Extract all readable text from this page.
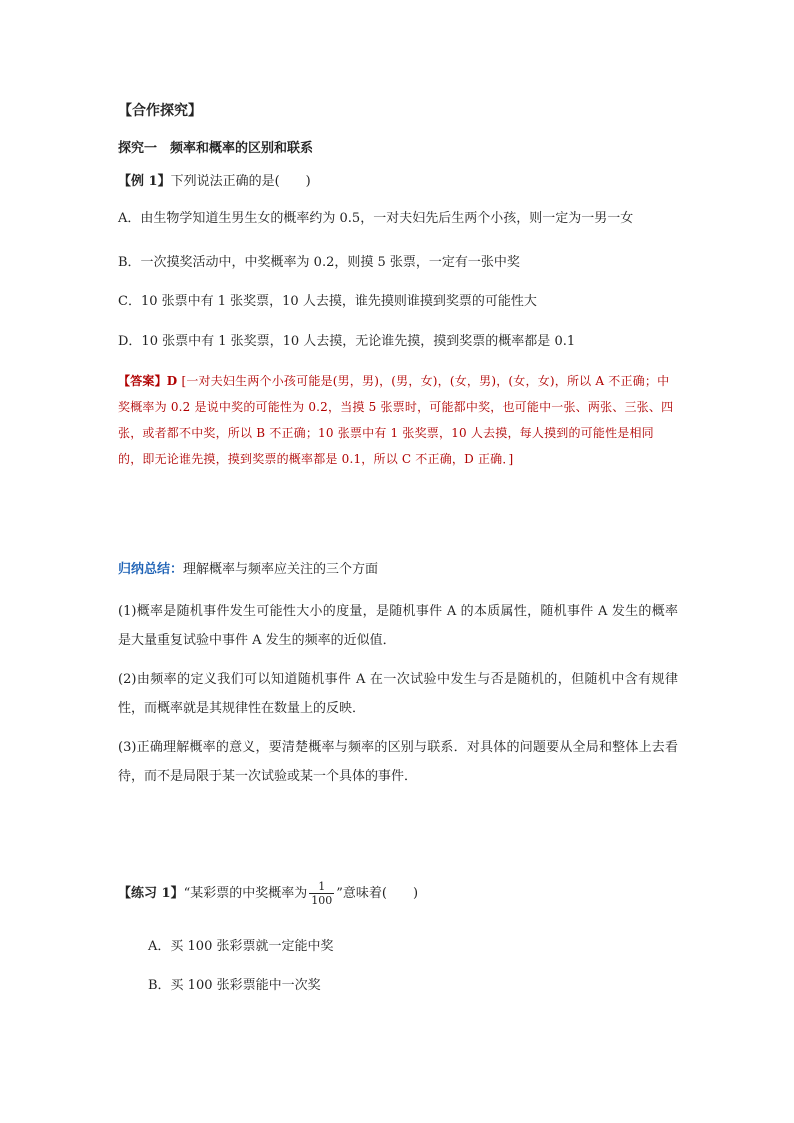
【合作探究】
探究一　频率和概率的区别和联系
【例 1】下列说法正确的是(　　)
A．由生物学知道生男生女的概率约为 0.5，一对夫妇先后生两个小孩，则一定为一男一女
B．一次摸奖活动中，中奖概率为 0.2，则摸 5 张票，一定有一张中奖
C．10 张票中有 1 张奖票，10 人去摸，谁先摸则谁摸到奖票的可能性大
D．10 张票中有 1 张奖票，10 人去摸，无论谁先摸，摸到奖票的概率都是 0.1
【答案】D [一对夫妇生两个小孩可能是(男，男)，(男，女)，(女，男)，(女，女)，所以 A 不正确；中奖概率为 0.2 是说中奖的可能性为 0.2，当摸 5 张票时，可能都中奖，也可能中一张、两张、三张、四张，或者都不中奖，所以 B 不正确；10 张票中有 1 张奖票，10 人去摸，每人摸到的可能性是相同的，即无论谁先摸，摸到奖票的概率都是 0.1，所以 C 不正确，D 正确．]
归纳总结：理解概率与频率应关注的三个方面
(1)概率是随机事件发生可能性大小的度量，是随机事件 A 的本质属性，随机事件 A 发生的概率是大量重复试验中事件 A 发生的频率的近似值．
(2)由频率的定义我们可以知道随机事件 A 在一次试验中发生与否是随机的，但随机中含有规律性，而概率就是其规律性在数量上的反映．
(3)正确理解概率的意义，要清楚概率与频率的区别与联系．对具体的问题要从全局和整体上去看待，而不是局限于某一次试验或某一个具体的事件．
【练习 1】“某彩票的中奖概率为 $\frac{1}{100}$ ”意味着(　　)
A．买 100 张彩票就一定能中奖
B．买 100 张彩票能中一次奖
